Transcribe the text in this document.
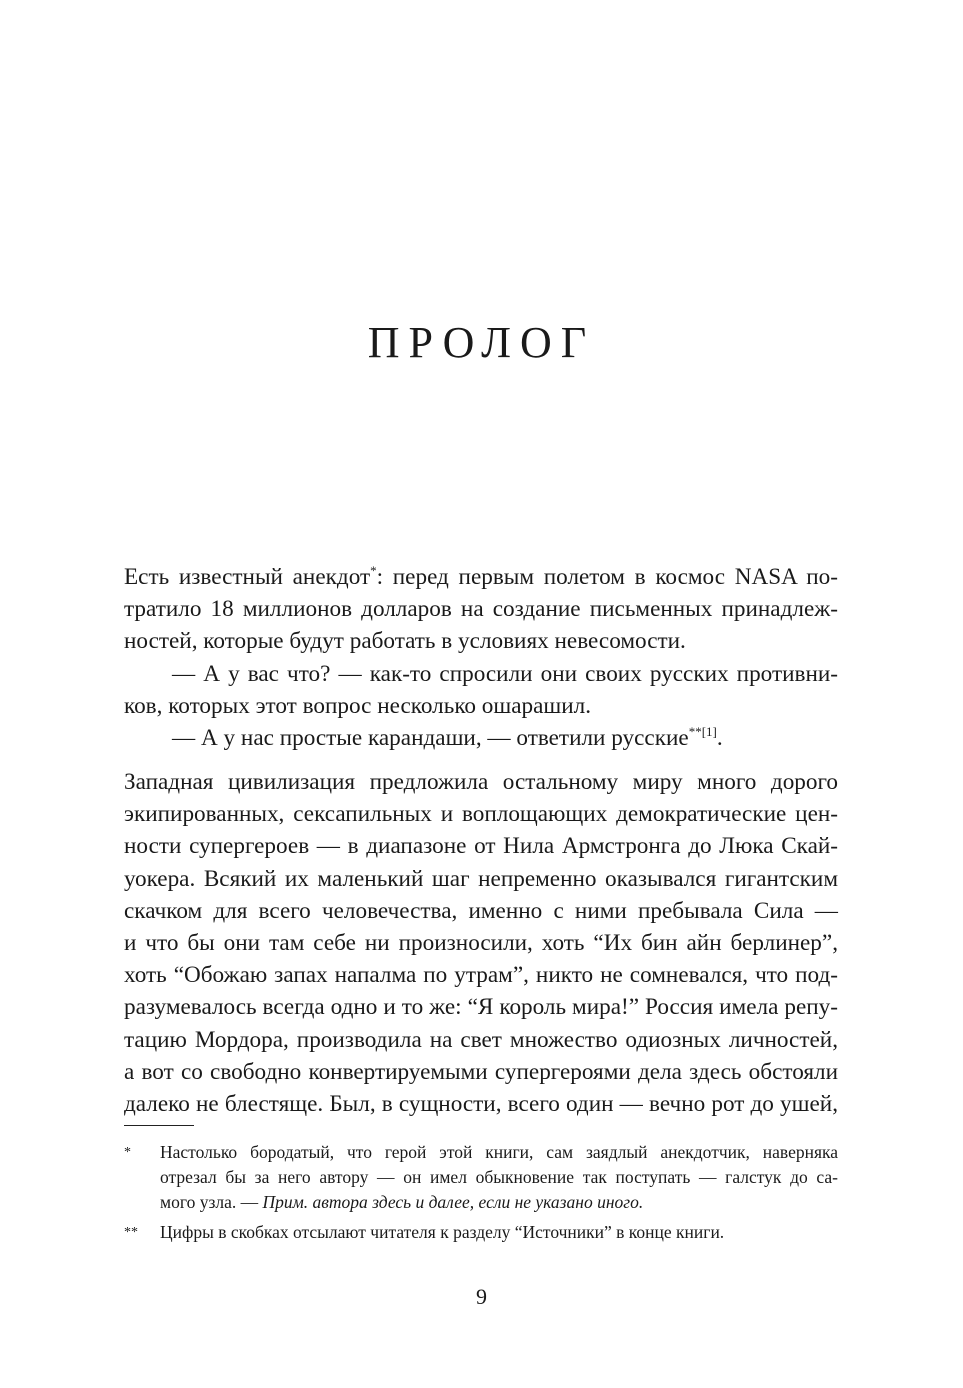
ПРОЛОГ
Есть известный анекдот*: перед первым полетом в космос NASA по-
тратило 18 миллионов долларов на создание письменных принадлеж-
ностей, которые будут работать в условиях невесомости.
— А у вас что? — как-то спросили они своих русских противни-
ков, которых этот вопрос несколько ошарашил.
— А у нас простые карандаши, — ответили русские$^{**[1]}$.
Западная цивилизация предложила остальному миру много дорого
экипированных, сексапильных и воплощающих демократические цен-
ности супергероев — в диапазоне от Нила Армстронга до Люка Скай-
уокера. Всякий их маленький шаг непременно оказывался гигантским
скачком для всего человечества, именно с ними пребывала Сила —
и что бы они там себе ни произносили, хоть “Их бин айн берлинер”,
хоть “Обожаю запах напалма по утрам”, никто не сомневался, что под-
разумевалось всегда одно и то же: “Я король мира!” Россия имела репу-
тацию Мордора, производила на свет множество одиозных личностей,
а вот со свободно конвертируемыми супергероями дела здесь обстояли
далеко не блестяще. Был, в сущности, всего один — вечно рот до ушей,
* Настолько бородатый, что герой этой книги, сам заядлый анекдотчик, наверняка
отрезал бы за него автору — он имел обыкновение так поступать — галстук до са-
мого узла. — Прим. автора здесь и далее, если не указано иного.
** Цифры в скобках отсылают читателя к разделу “Источники” в конце книги.
9
